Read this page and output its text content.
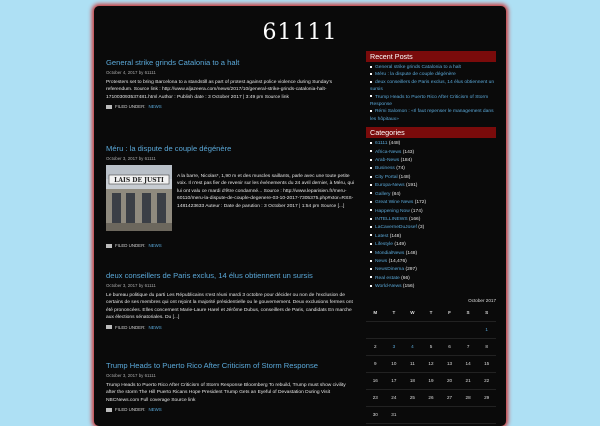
61111
General strike grinds Catalonia to a halt
October 4, 2017 by 61111
Protesters set to bring Barcelona to a standstill as part of protest against police violence during Sunday's referendum. Source link : http://www.aljazeera.com/news/2017/10/general-strike-grinds-catalonia-halt-171003093537481.html Author : Publish date : 3 October 2017 | 3:49 pm Source link
FILED UNDER: NEWS
Méru : la dispute de couple dégénère
October 3, 2017 by 61111
LAIS DE JUSTI
A la barre, Nicolas*, 1,90 m et des muscles saillants, parle avec une toute petite voix. Il n'est pas fier de revenir sur les événements du 24 avril dernier, à Méru, qui lui ont valu ce mardi d'être condamné... Source : http://www.leparisien.fr/meru-60110/meru-la-dispute-de-couple-degenere-03-10-2017-7305375.php#xtor=RSS-1481423633 Auteur : Date de parution : 3 October 2017 | 1:54 pm Source [...]
FILED UNDER: NEWS
deux conseillers de Paris exclus, 14 élus obtiennent un sursis
October 3, 2017 by 61111
Le bureau politique du parti Les Républicains s'est réuni mardi 3 octobre pour décider ou non de l'exclusion de certains de ses membres qui ont rejoint la majorité présidentielle ou le gouvernement. Deux exclusions fermes ont été prononcées. Elles concernent Marie-Laure Harel et Jérôme Dubus, conseillers de Paris, candidats En marche aux élections sénatoriales. Du [...]
FILED UNDER: NEWS
Trump Heads to Puerto Rico After Criticism of Storm Response
October 3, 2017 by 61111
Trump Heads to Puerto Rico After Criticism of Storm Response Bloomberg To rebuild, Trump must show civility after the storm The Hill Puerto Ricans Hope President Trump Gets an Eyeful of Devastation During Visit NBCNews.com Full coverage Source link
FILED UNDER: NEWS
Recent Posts
General strike grinds Catalonia to a halt
Méru : la dispute de couple dégénère
deux conseillers de Paris exclus, 14 élus obtiennent un sursis
Trump Heads to Puerto Rico After Criticism of Storm Response
Rémi Salomon : «Il faut repenser le management dans les hôpitaux»
Categories
61111 (448)
Africa-News (143)
Arab-News (184)
Business (74)
City Portal (148)
Europa-News (191)
Gallery (84)
Great Wine News (172)
Happening Now (174)
INTELLINEWS (166)
LaCaverneDuJosef (3)
Latest (148)
Lifestyle (149)
MondialNews (148)
News (14,476)
NewsDinema (297)
Real estate (66)
World-News (156)
October 2017
M	T	W	T	F	S	S
						1
2	3	4	5	6	7	8
9	10	11	12	13	14	15
16	17	18	19	20	21	22
23	24	25	26	27	28	29
30	31					
